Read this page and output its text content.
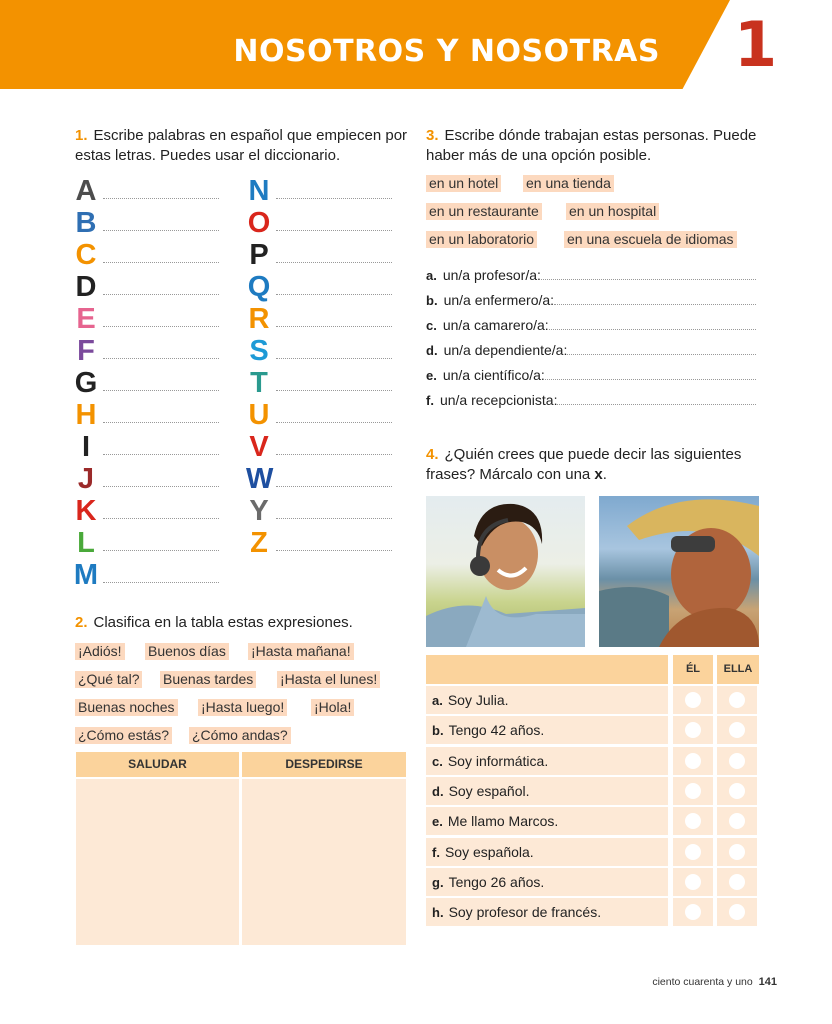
NOSOTROS Y NOSOTRAS 1
1. Escribe palabras en español que empiecen por estas letras. Puedes usar el diccionario.
A
B
C
D
E
F
G
H
I
J
K
L
M
N
O
P
Q
R
S
T
U
V
W
Y
Z
2. Clasifica en la tabla estas expresiones.
¡Adiós! Buenos días ¡Hasta mañana!
¿Qué tal? Buenas tardes ¡Hasta el lunes!
Buenas noches ¡Hasta luego! ¡Hola!
¿Cómo estás? ¿Cómo andas?
SALUDAR	DESPEDIRSE
3. Escribe dónde trabajan estas personas. Puede haber más de una opción posible.
en un hotel en una tienda
en un restaurante en un hospital
en un laboratorio en una escuela de idiomas
a. un/a profesor/a:
b. un/a enfermero/a:
c. un/a camarero/a:
d. un/a dependiente/a:
e. un/a científico/a:
f. un/a recepcionista:
4. ¿Quién crees que puede decir las siguientes frases? Márcalo con una x.
ÉL	ELLA
a. Soy Julia.
b. Tengo 42 años.
c. Soy informática.
d. Soy español.
e. Me llamo Marcos.
f. Soy española.
g. Tengo 26 años.
h. Soy profesor de francés.
ciento cuarenta y uno 141
